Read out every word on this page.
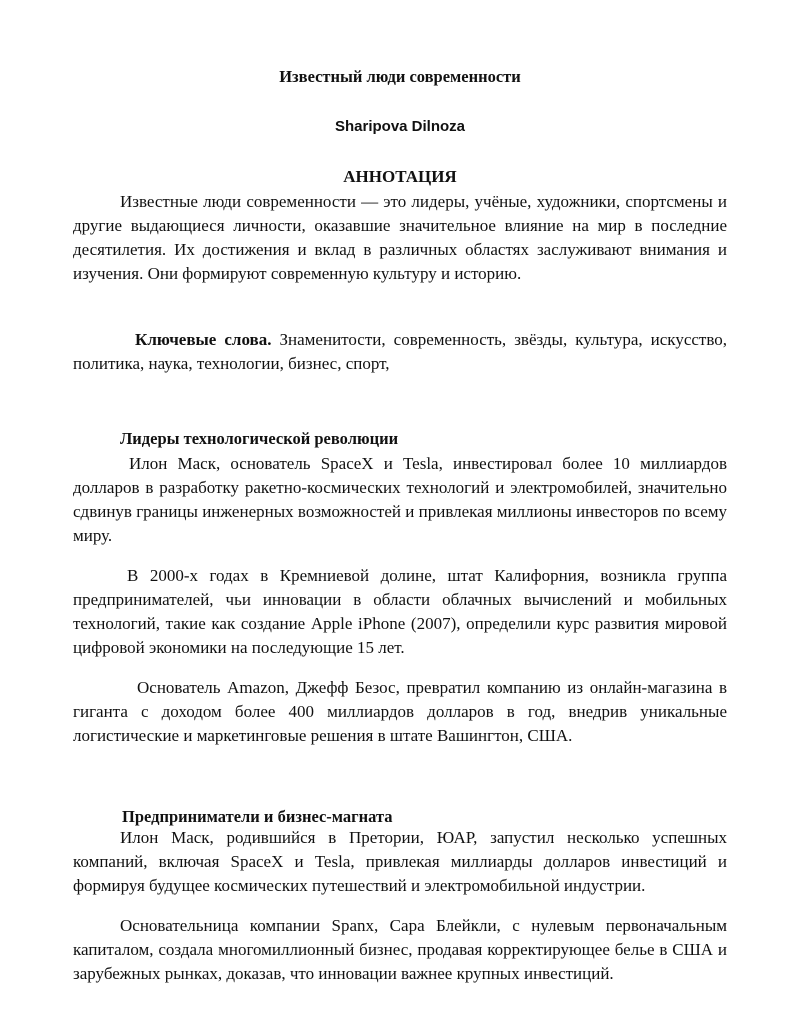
Известный люди современности
Sharipova Dilnoza
АННОТАЦИЯ
Известные люди современности — это лидеры, учёные, художники, спортсмены и другие выдающиеся личности, оказавшие значительное влияние на мир в последние десятилетия. Их достижения и вклад в различных областях заслуживают внимания и изучения. Они формируют современную культуру и историю.
Ключевые слова. Знаменитости, современность, звёзды, культура, искусство, политика, наука, технологии, бизнес, спорт,
Лидеры технологической революции
Илон Маск, основатель SpaceX и Tesla, инвестировал более 10 миллиардов долларов в разработку ракетно-космических технологий и электромобилей, значительно сдвинув границы инженерных возможностей и привлекая миллионы инвесторов по всему миру.
В 2000-х годах в Кремниевой долине, штат Калифорния, возникла группа предпринимателей, чьи инновации в области облачных вычислений и мобильных технологий, такие как создание Apple iPhone (2007), определили курс развития мировой цифровой экономики на последующие 15 лет.
Основатель Amazon, Джефф Безос, превратил компанию из онлайн-магазина в гиганта с доходом более 400 миллиардов долларов в год, внедрив уникальные логистические и маркетинговые решения в штате Вашингтон, США.
Предприниматели и бизнес-магната
Илон Маск, родившийся в Претории, ЮАР, запустил несколько успешных компаний, включая SpaceX и Tesla, привлекая миллиарды долларов инвестиций и формируя будущее космических путешествий и электромобильной индустрии.
Основательница компании Spanx, Сара Блейкли, с нулевым первоначальным капиталом, создала многомиллионный бизнес, продавая корректирующее белье в США и зарубежных рынках, доказав, что инновации важнее крупных инвестиций.
